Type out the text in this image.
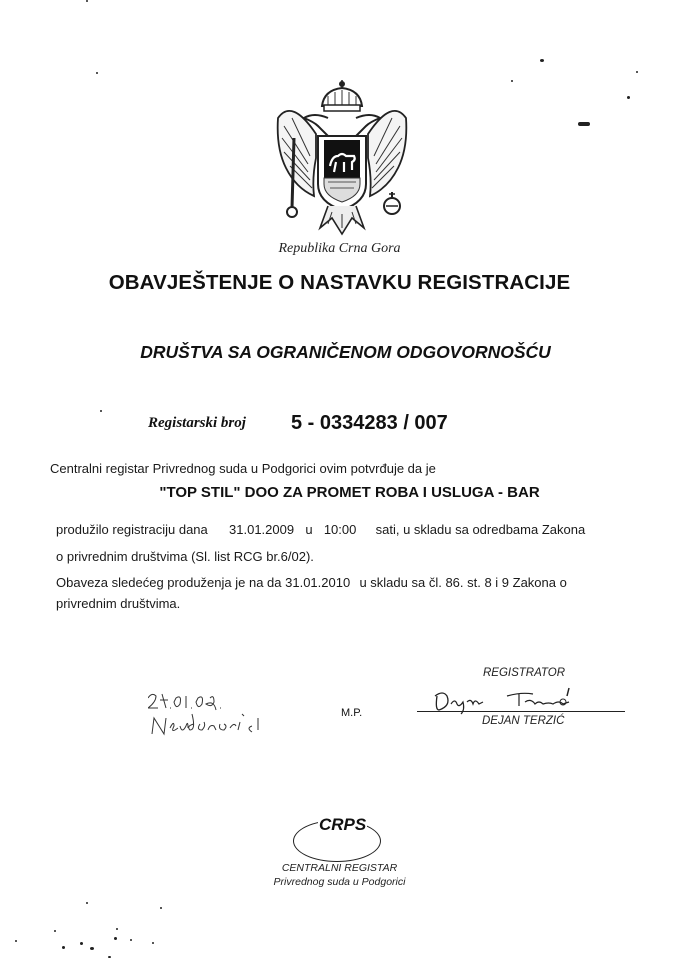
Republika Crna Gora
OBAVJEŠTENJE O NASTAVKU REGISTRACIJE
DRUŠTVA SA OGRANIČENOM ODGOVORNOŠĆU
Registarski broj 5 - 0334283 / 007
Centralni registar Privrednog suda u Podgorici ovim potvrđuje da je
"TOP STIL" DOO ZA PROMET ROBA I USLUGA - BAR
produžilo registraciju dana 31.01.2009 u 10:00 sati, u skladu sa odredbama Zakona
o privrednim društvima (Sl. list RCG br.6/02).
Obaveza sledećeg produženja je na da 31.01.2010 u skladu sa čl. 86. st. 8 i 9 Zakona o
privrednim društvima.
REGISTRATOR
M.P.
DEJAN TERZIĆ
CRPS
CENTRALNI REGISTAR
Privrednog suda u Podgorici
